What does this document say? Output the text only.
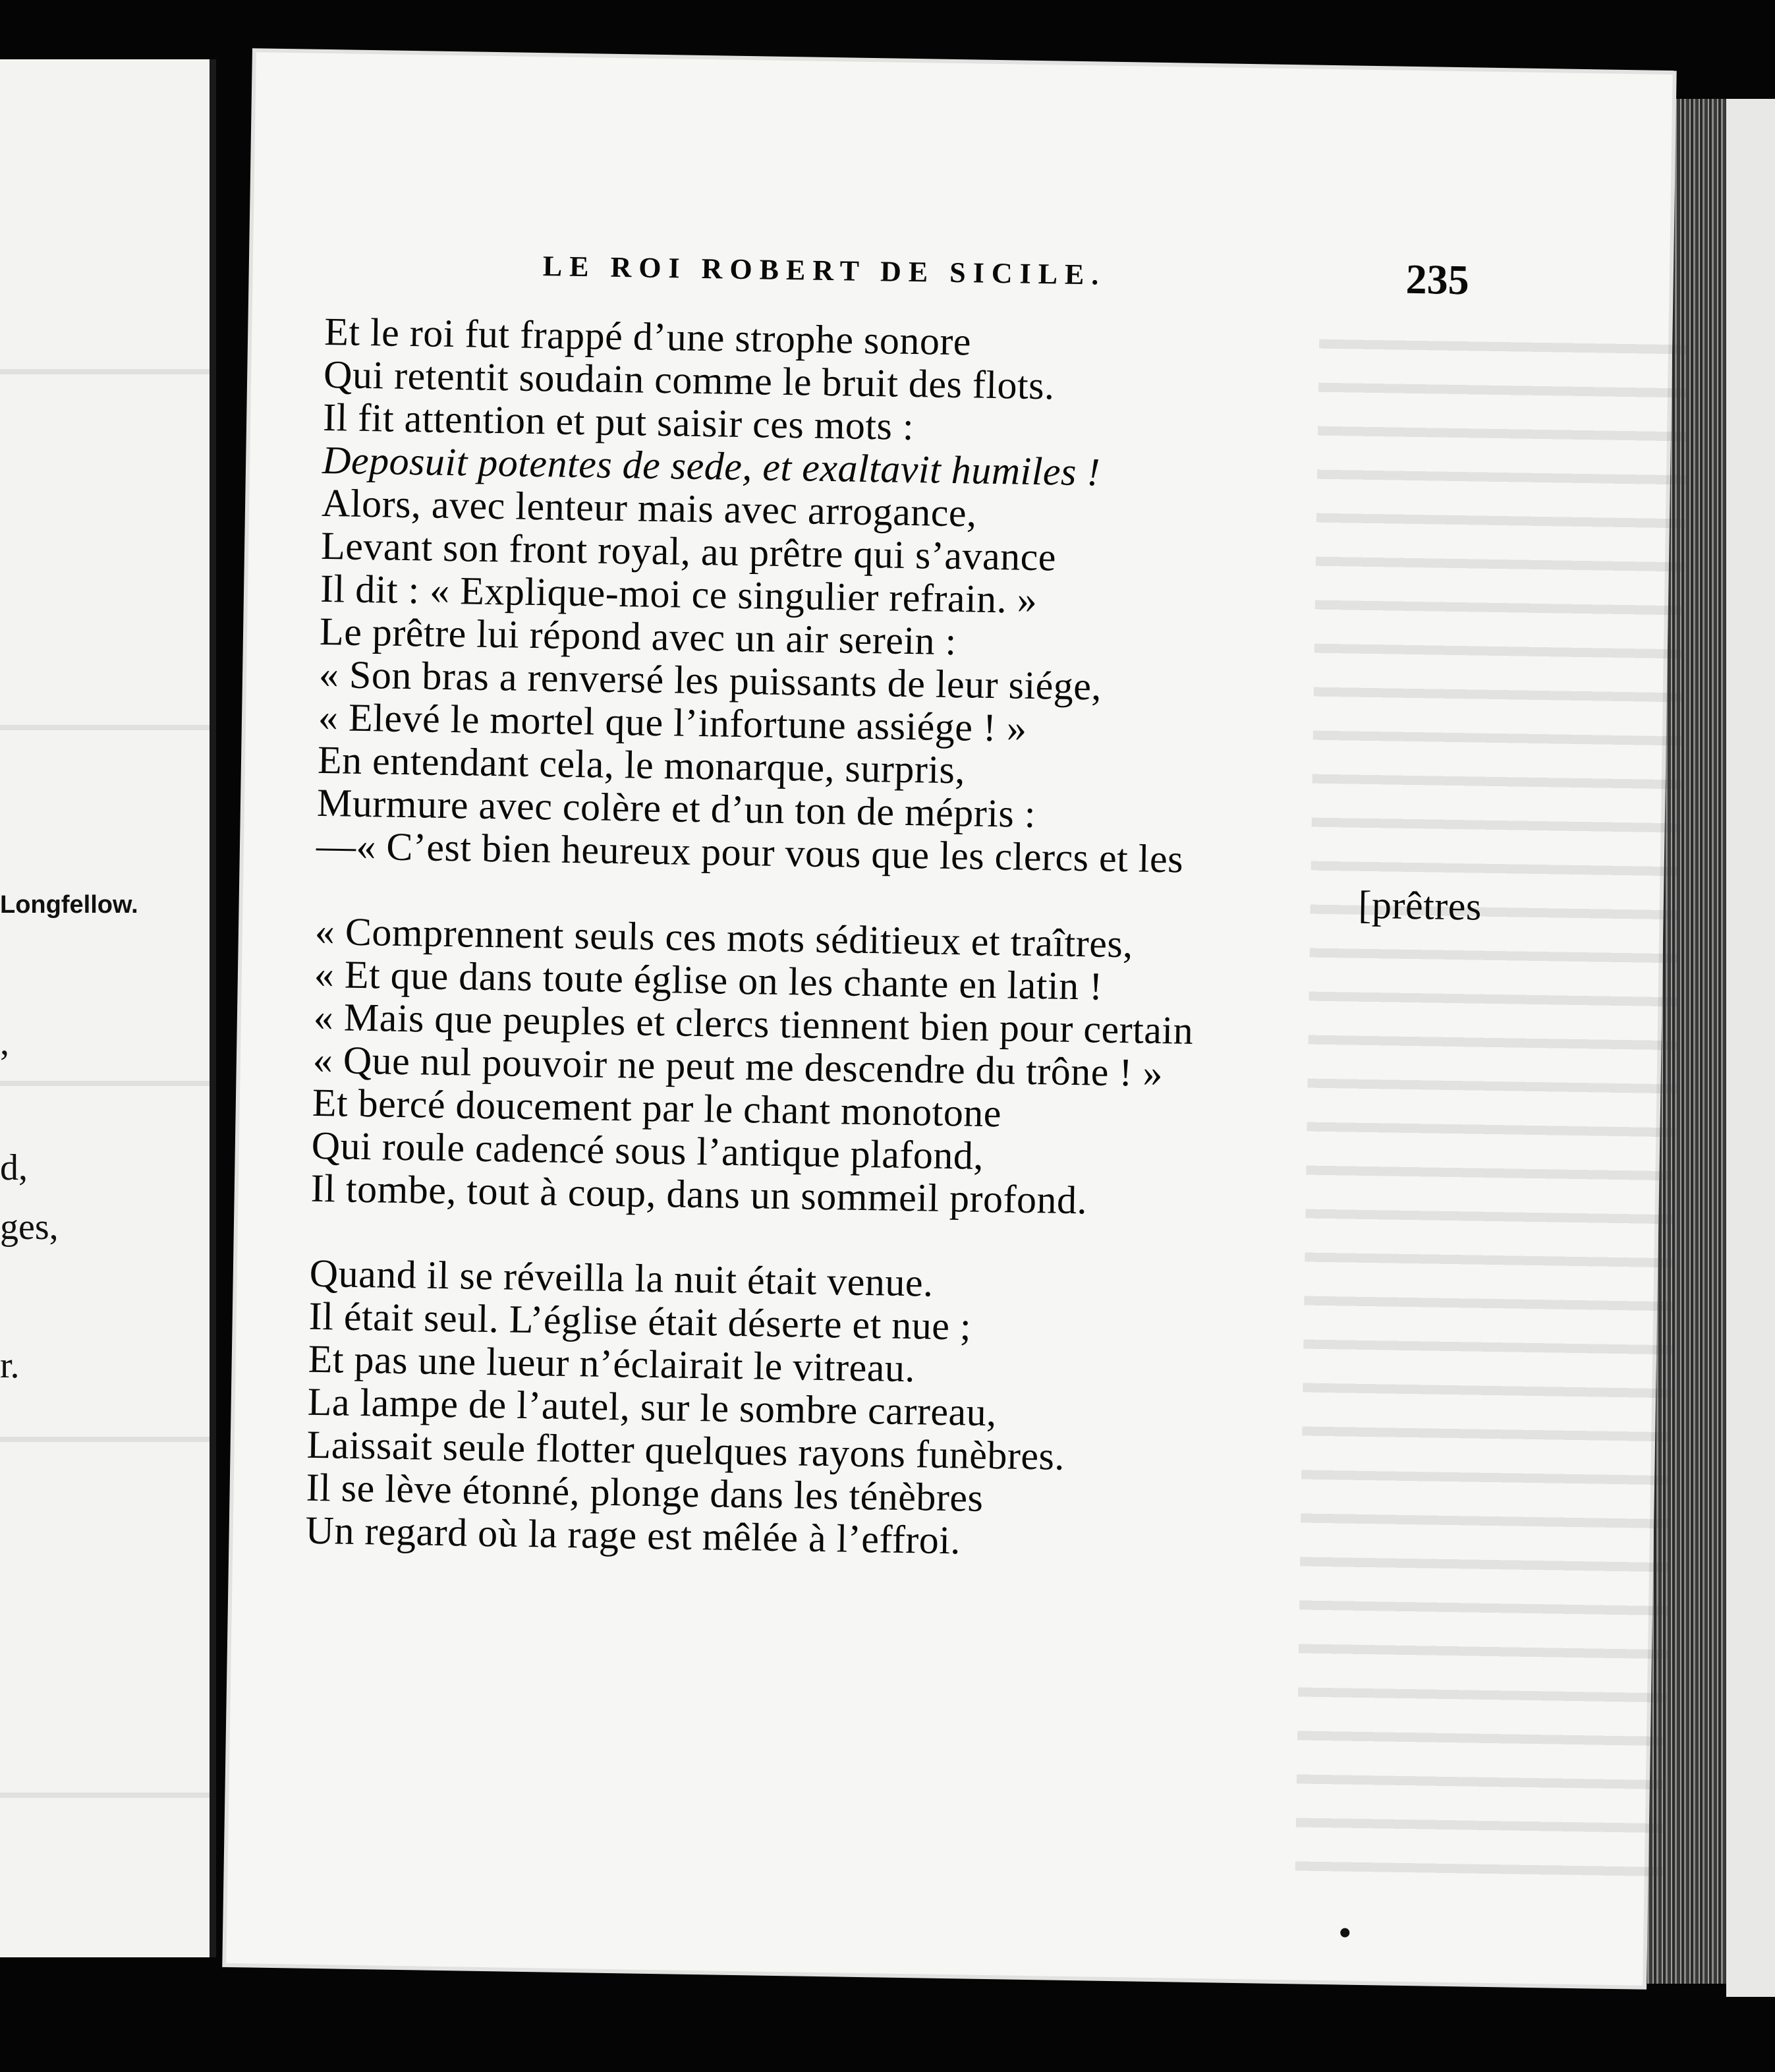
,
Longfellow.
d,
ges,
r.
LE ROI ROBERT DE SICILE.	235
Et le roi fut frappé d’une strophe sonore
Qui retentit soudain comme le bruit des flots.
Il fit attention et put saisir ces mots :
Deposuit potentes de sede, et exaltavit humiles !
Alors, avec lenteur mais avec arrogance,
Levant son front royal, au prêtre qui s’avance
Il dit : « Explique-moi ce singulier refrain. »
Le prêtre lui répond avec un air serein :
« Son bras a renversé les puissants de leur siége,
« Elevé le mortel que l’infortune assiége ! »
En entendant cela, le monarque, surpris,
Murmure avec colère et d’un ton de mépris :
—« C’est bien heureux pour vous que les clercs et les
[prêtres
« Comprennent seuls ces mots séditieux et traîtres,
« Et que dans toute église on les chante en latin !
« Mais que peuples et clercs tiennent bien pour certain
« Que nul pouvoir ne peut me descendre du trône ! »
Et bercé doucement par le chant monotone
Qui roule cadencé sous l’antique plafond,
Il tombe, tout à coup, dans un sommeil profond.
Quand il se réveilla la nuit était venue.
Il était seul. L’église était déserte et nue ;
Et pas une lueur n’éclairait le vitreau.
La lampe de l’autel, sur le sombre carreau,
Laissait seule flotter quelques rayons funèbres.
Il se lève étonné, plonge dans les ténèbres
Un regard où la rage est mêlée à l’effroi.
